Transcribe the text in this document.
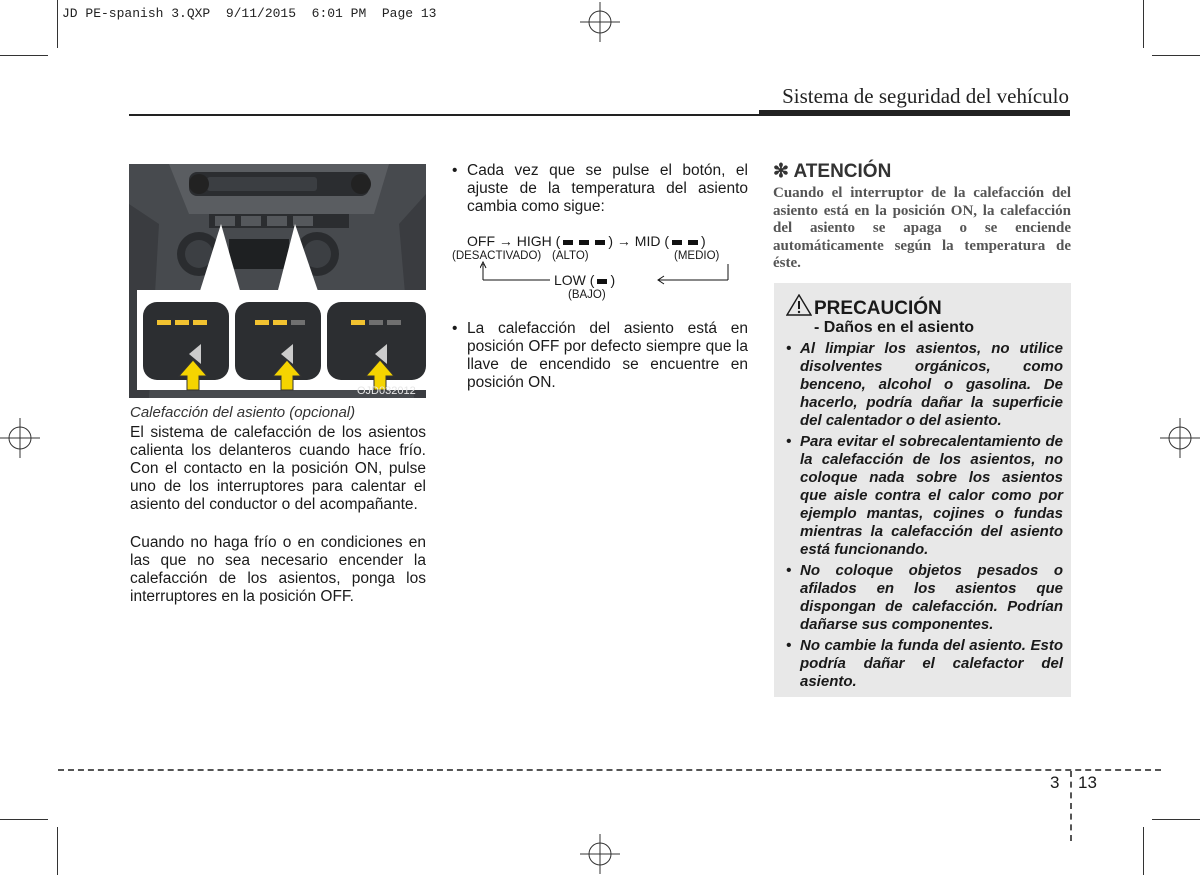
JD PE-spanish 3.QXP  9/11/2015  6:01 PM  Page 13
Sistema de seguridad del vehículo
OJD032012
Calefacción del asiento (opcional)
El sistema de calefacción de los asientos calienta los delanteros cuando hace frío. Con el contacto en la posición ON, pulse uno de los interruptores para calentar el asiento del conductor o del acompañante.
Cuando no haga frío o en condiciones en las que no sea necesario encender la calefacción de los asientos, ponga los interruptores en la posición OFF.
• Cada vez que se pulse el botón, el ajuste de la temperatura del asiento cambia como sigue:
OFF → HIGH (	) → MID ( )
(DESACTIVADO) (ALTO)	(MEDIO)
LOW ( )
(BAJO)
• La calefacción del asiento está en posición OFF por defecto siempre que la llave de encendido se encuentre en posición ON.
✻ ATENCIÓN
Cuando el interruptor de la calefacción del asiento está en la posición ON, la calefacción del asiento se apaga o se enciende automáticamente según la temperatura de éste.
PRECAUCIÓN
- Daños en el asiento
• Al limpiar los asientos, no utilice disolventes orgánicos, como benceno, alcohol o gasolina. De hacerlo, podría dañar la superficie del calentador o del asiento.
• Para evitar el sobrecalentamiento de la calefacción de los asientos, no coloque nada sobre los asientos que aisle contra el calor como por ejemplo mantas, cojines o fundas mientras la calefacción del asiento está funcionando.
• No coloque objetos pesados o afilados en los asientos que dispongan de calefacción. Podrían dañarse sus componentes.
• No cambie la funda del asiento. Esto podría dañar el calefactor del asiento.
3 13
